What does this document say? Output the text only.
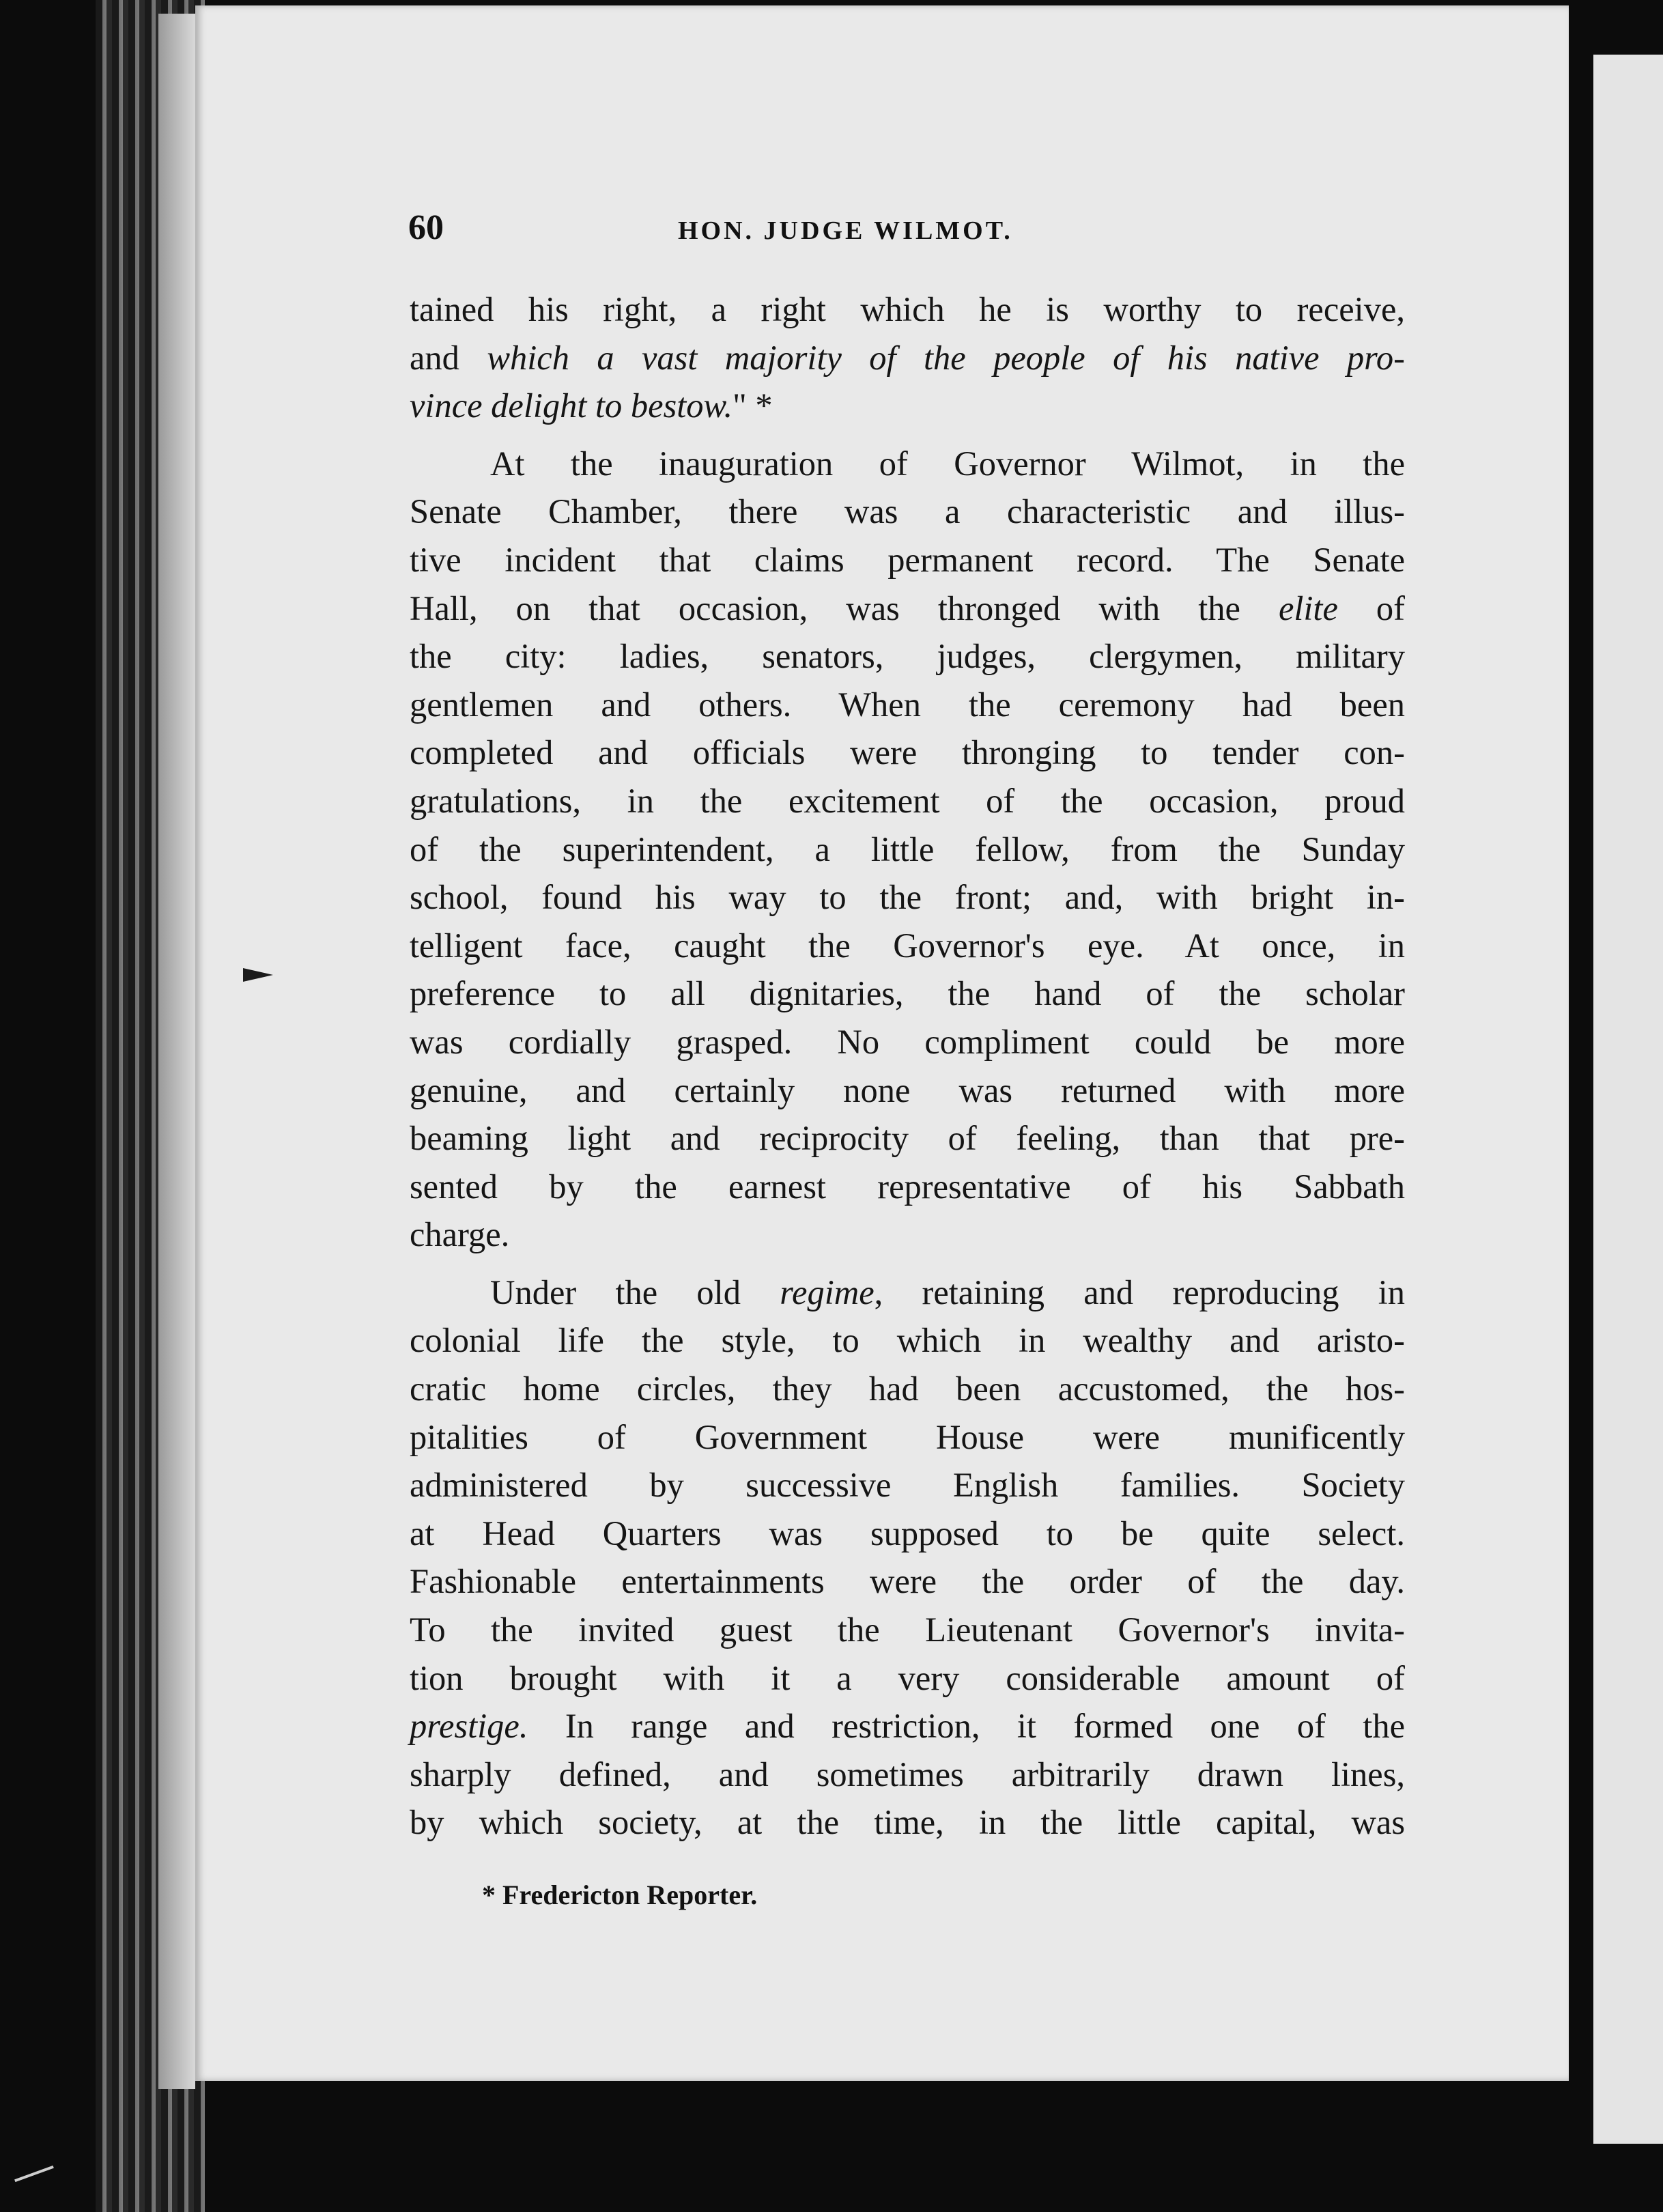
60	HON. JUDGE WILMOT.

tained his right, a right which he is worthy to receive,

and which a vast majority of the people of his native pro-

vince delight to bestow." *

At the inauguration of Governor Wilmot, in the

Senate Chamber, there was a characteristic and illus-

tive incident that claims permanent record. The Senate

Hall, on that occasion, was thronged with the elite of

the city: ladies, senators, judges, clergymen, military

gentlemen and others. When the ceremony had been

completed and officials were thronging to tender con-

gratulations, in the excitement of the occasion, proud

of the superintendent, a little fellow, from the Sunday

school, found his way to the front; and, with bright in-

telligent face, caught the Governor's eye. At once, in

preference to all dignitaries, the hand of the scholar

was cordially grasped. No compliment could be more

genuine, and certainly none was returned with more

beaming light and reciprocity of feeling, than that pre-

sented by the earnest representative of his Sabbath

charge.

Under the old regime, retaining and reproducing in

colonial life the style, to which in wealthy and aristo-

cratic home circles, they had been accustomed, the hos-

pitalities of Government House were munificently

administered by successive English families. Society

at Head Quarters was supposed to be quite select.

Fashionable entertainments were the order of the day.

To the invited guest the Lieutenant Governor's invita-

tion brought with it a very considerable amount of

prestige. In range and restriction, it formed one of the

sharply defined, and sometimes arbitrarily drawn lines,

by which society, at the time, in the little capital, was

* Fredericton Reporter.
